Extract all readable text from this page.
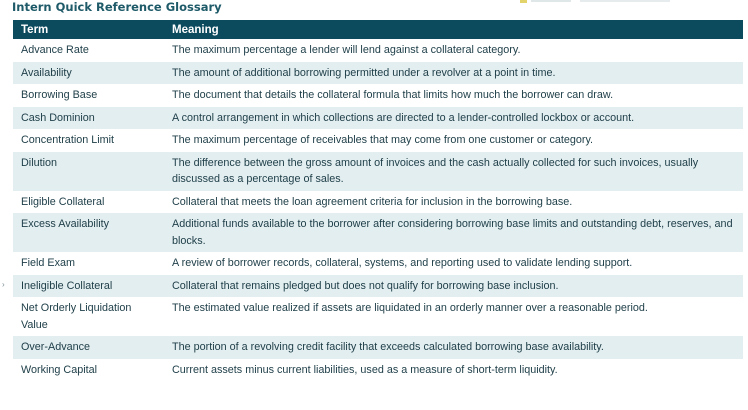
Intern Quick Reference Glossary
›
Term	Meaning
Advance Rate	The maximum percentage a lender will lend against a collateral category.
Availability	The amount of additional borrowing permitted under a revolver at a point in time.
Borrowing Base	The document that details the collateral formula that limits how much the borrower can draw.
Cash Dominion	A control arrangement in which collections are directed to a lender-controlled lockbox or account.
Concentration Limit	The maximum percentage of receivables that may come from one customer or category.
Dilution	The difference between the gross amount of invoices and the cash actually collected for such invoices, usually discussed as a percentage of sales.
Eligible Collateral	Collateral that meets the loan agreement criteria for inclusion in the borrowing base.
Excess Availability	Additional funds available to the borrower after considering borrowing base limits and outstanding debt, reserves, and blocks.
Field Exam	A review of borrower records, collateral, systems, and reporting used to validate lending support.
Ineligible Collateral	Collateral that remains pledged but does not qualify for borrowing base inclusion.
Net Orderly Liquidation Value	The estimated value realized if assets are liquidated in an orderly manner over a reasonable period.
Over-Advance	The portion of a revolving credit facility that exceeds calculated borrowing base availability.
Working Capital	Current assets minus current liabilities, used as a measure of short-term liquidity.
